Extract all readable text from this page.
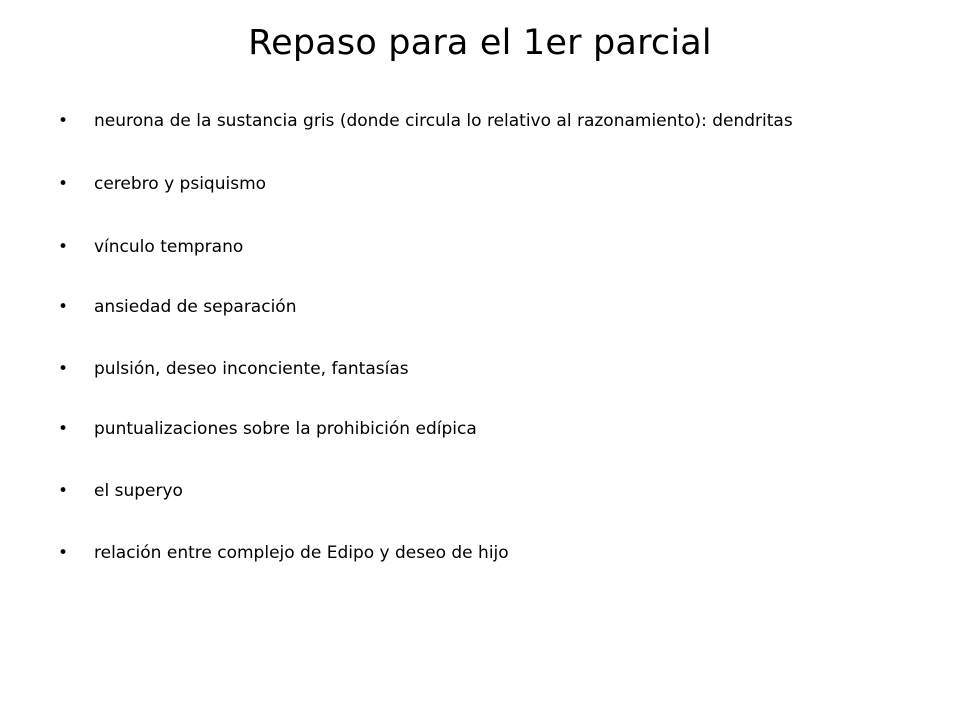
Repaso para el 1er parcial
• neurona de la sustancia gris (donde circula lo relativo al razonamiento): dendritas
• cerebro y psiquismo
• vínculo temprano
• ansiedad de separación
• pulsión, deseo inconciente, fantasías
• puntualizaciones sobre la prohibición edípica
• el superyo
• relación entre complejo de Edipo y deseo de hijo
